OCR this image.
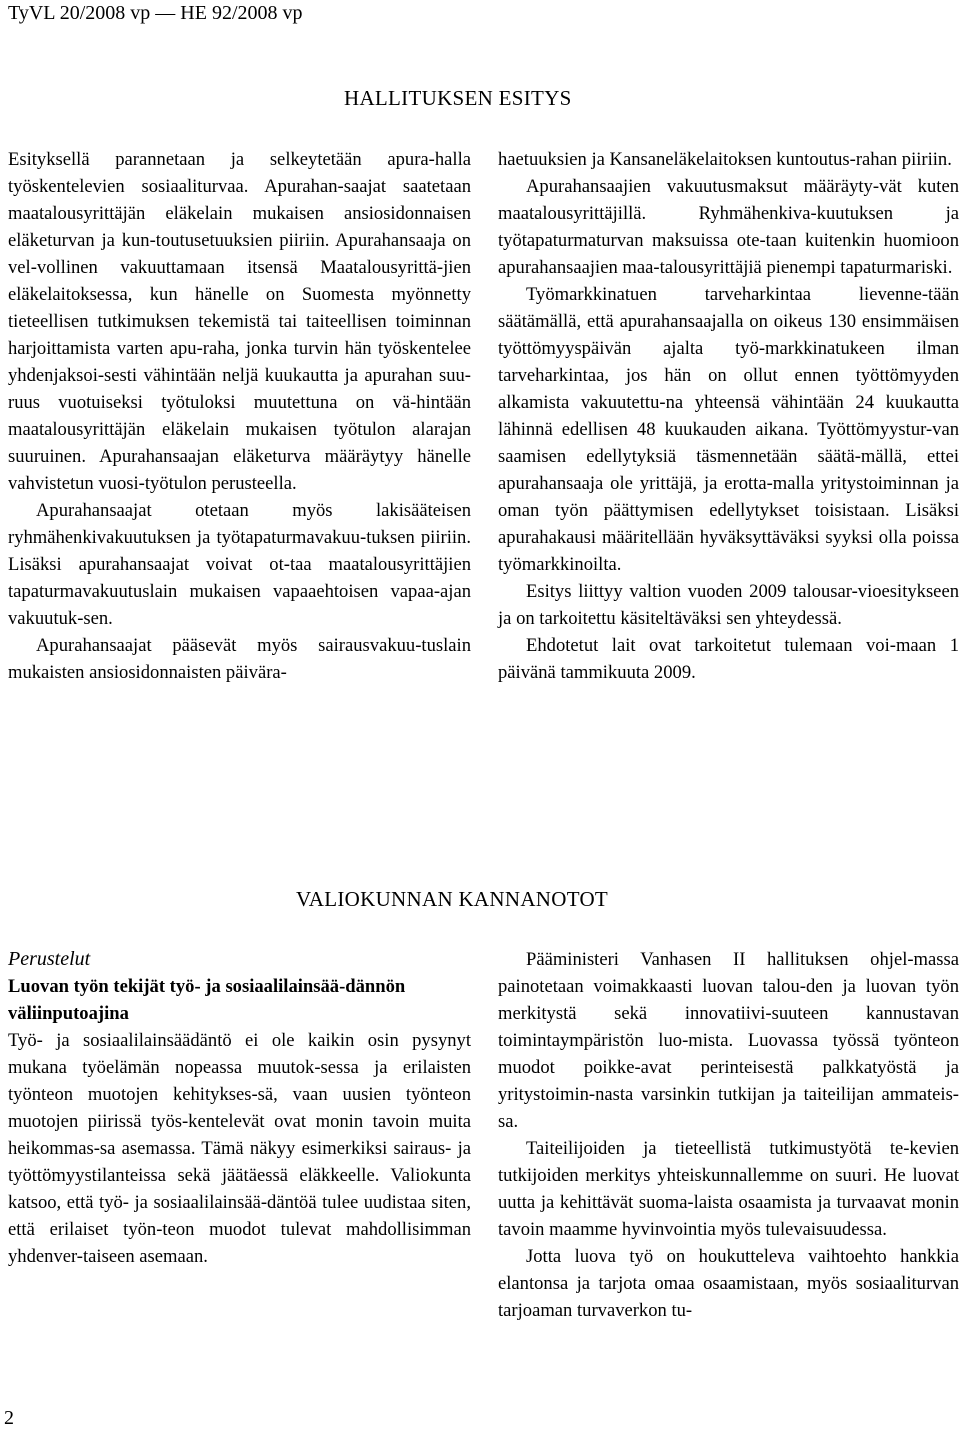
TyVL 20/2008 vp — HE 92/2008 vp
HALLITUKSEN ESITYS

Esityksellä parannetaan ja selkeytetään apura-halla työskentelevien sosiaaliturvaa. Apurahan-saajat saatetaan maatalousyrittäjän eläkelain mukaisen ansiosidonnaisen eläketurvan ja kun-toutusetuuksien piiriin. Apurahansaaja on vel-vollinen vakuuttamaan itsensä Maatalousyrittä-jien eläkelaitoksessa, kun hänelle on Suomesta myönnetty tieteellisen tutkimuksen tekemistä tai taiteellisen toiminnan harjoittamista varten apu-raha, jonka turvin hän työskentelee yhdenjaksoi-sesti vähintään neljä kuukautta ja apurahan suu-ruus vuotuiseksi työtuloksi muutettuna on vä-hintään maatalousyrittäjän eläkelain mukaisen työtulon alarajan suuruinen. Apurahansaajan eläketurva määräytyy hänelle vahvistetun vuosi-työtulon perusteella.

Apurahansaajat otetaan myös lakisääteisen ryhmähenkivakuutuksen ja työtapaturmavakuu-tuksen piiriin. Lisäksi apurahansaajat voivat ot-taa maatalousyrittäjien tapaturmavakuutuslain mukaisen vapaaehtoisen vapaa-ajan vakuutuk-sen.

Apurahansaajat pääsevät myös sairausvakuu-tuslain mukaisten ansiosidonnaisten päivära-

haetuuksien ja Kansaneläkelaitoksen kuntoutus-rahan piiriin.

Apurahansaajien vakuutusmaksut määräyty-vät kuten maatalousyrittäjillä. Ryhmähenkiva-kuutuksen ja työtapaturmaturvan maksuissa ote-taan kuitenkin huomioon apurahansaajien maa-talousyrittäjiä pienempi tapaturmariski.

Työmarkkinatuen tarveharkintaa lievenne-tään säätämällä, että apurahansaajalla on oikeus 130 ensimmäisen työttömyyspäivän ajalta työ-markkinatukeen ilman tarveharkintaa, jos hän on ollut ennen työttömyyden alkamista vakuutettu-na yhteensä vähintään 24 kuukautta lähinnä edellisen 48 kuukauden aikana. Työttömyystur-van saamisen edellytyksiä täsmennetään säätä-mällä, ettei apurahansaaja ole yrittäjä, ja erotta-malla yritystoiminnan ja oman työn päättymisen edellytykset toisistaan. Lisäksi apurahakausi määritellään hyväksyttäväksi syyksi olla poissa työmarkkinoilta.

Esitys liittyy valtion vuoden 2009 talousar-vioesitykseen ja on tarkoitettu käsiteltäväksi sen yhteydessä.

Ehdotetut lait ovat tarkoitetut tulemaan voi-maan 1 päivänä tammikuuta 2009.

VALIOKUNNAN KANNANOTOT

Perustelut

Luovan työn tekijät työ- ja sosiaalilainsää-dännön väliinputoajina

Työ- ja sosiaalilainsäädäntö ei ole kaikin osin pysynyt mukana työelämän nopeassa muutok-sessa ja erilaisten työnteon muotojen kehitykses-sä, vaan uusien työnteon muotojen piirissä työs-kentelevät ovat monin tavoin muita heikommas-sa asemassa. Tämä näkyy esimerkiksi sairaus- ja työttömyystilanteissa sekä jäätäessä eläkkeelle. Valiokunta katsoo, että työ- ja sosiaalilainsää-däntöä tulee uudistaa siten, että erilaiset työn-teon muodot tulevat mahdollisimman yhdenver-taiseen asemaan.

Pääministeri Vanhasen II hallituksen ohjel-massa painotetaan voimakkaasti luovan talou-den ja luovan työn merkitystä sekä innovatiivi-suuteen kannustavan toimintaympäristön luo-mista. Luovassa työssä työnteon muodot poikke-avat perinteisestä palkkatyöstä ja yritystoimin-nasta varsinkin tutkijan ja taiteilijan ammateis-sa.

Taiteilijoiden ja tieteellistä tutkimustyötä te-kevien tutkijoiden merkitys yhteiskunnallemme on suuri. He luovat uutta ja kehittävät suoma-laista osaamista ja turvaavat monin tavoin maamme hyvinvointia myös tulevaisuudessa.

Jotta luova työ on houkutteleva vaihtoehto hankkia elantonsa ja tarjota omaa osaamistaan, myös sosiaaliturvan tarjoaman turvaverkon tu-

2
